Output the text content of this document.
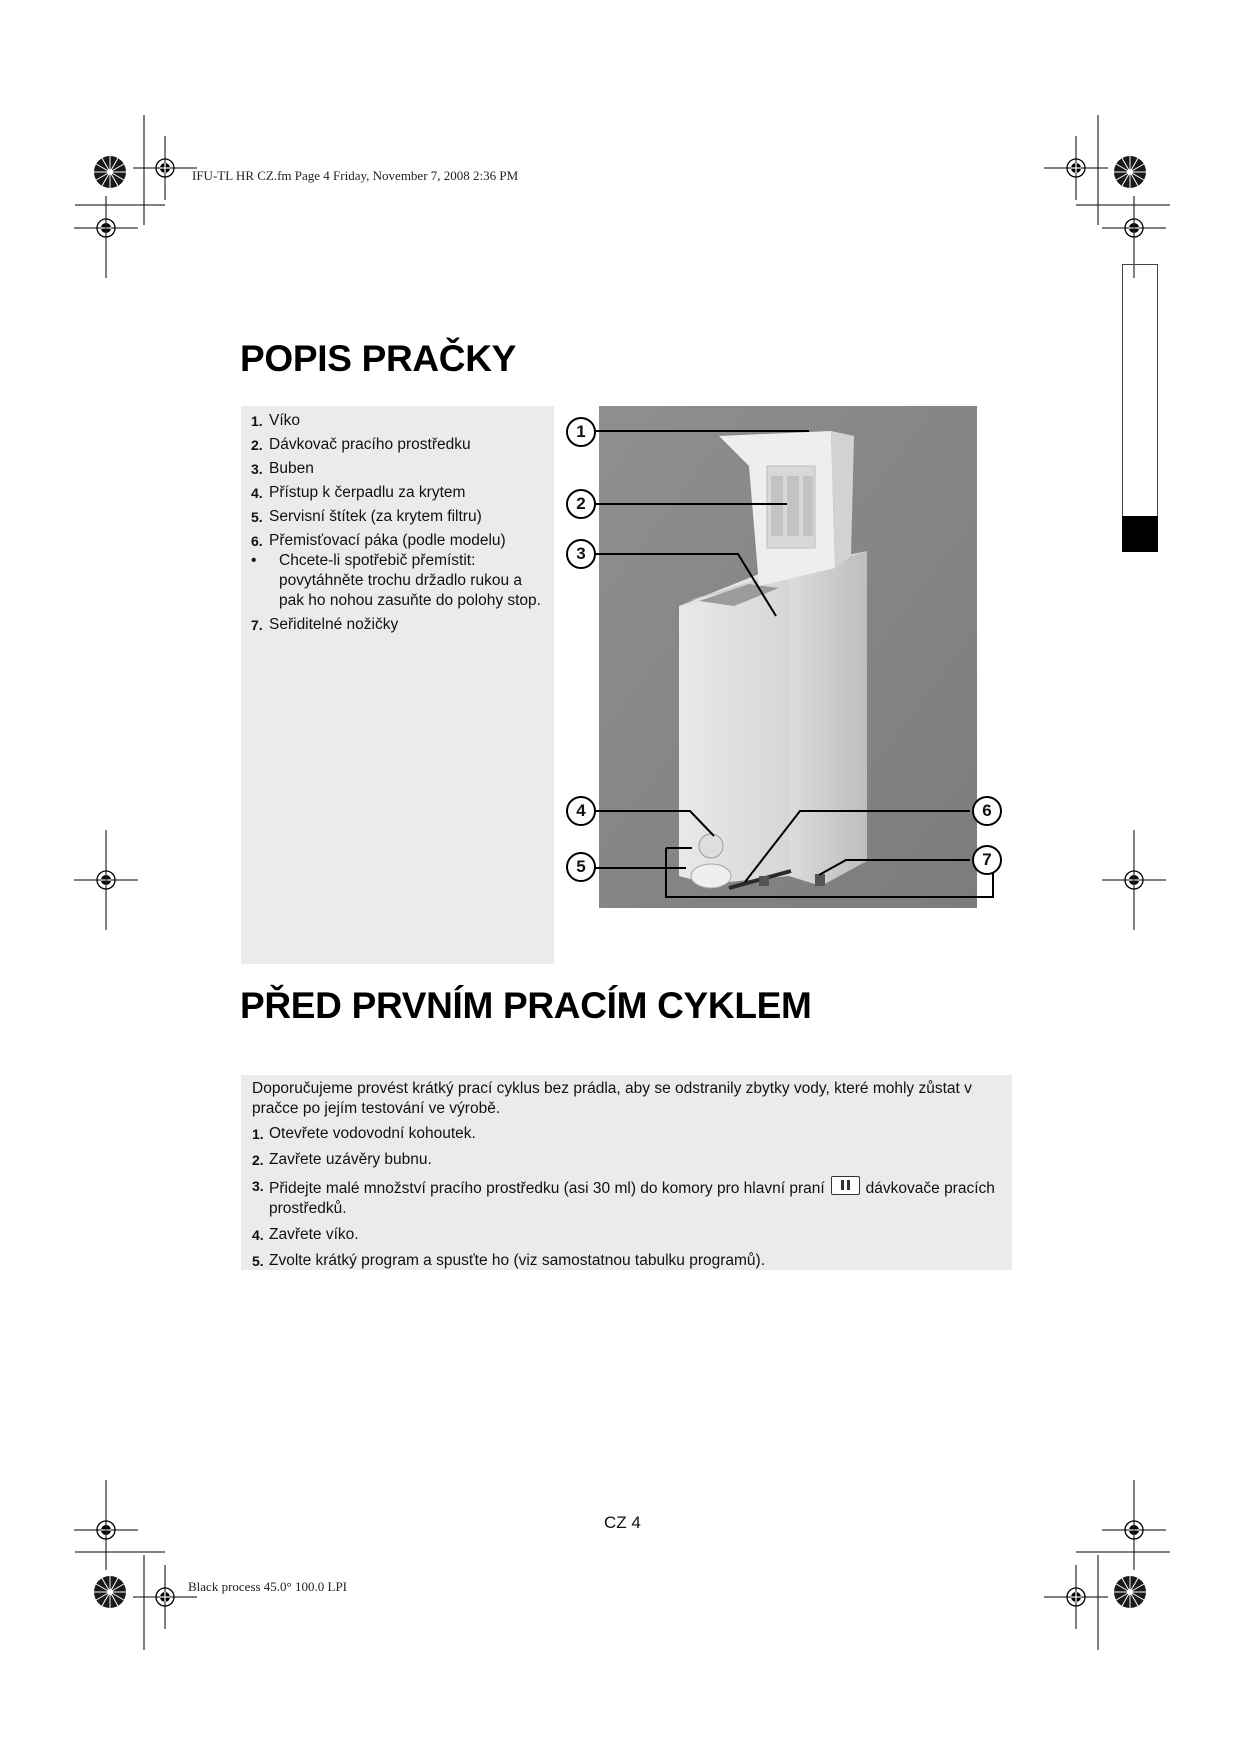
IFU-TL HR CZ.fm Page 4 Friday, November 7, 2008 2:36 PM
Black process 45.0° 100.0 LPI
POPIS PRAČKY
1. Víko
2. Dávkovač pracího prostředku
3. Buben
4. Přístup k čerpadlu za krytem
5. Servisní štítek (za krytem filtru)
6. Přemisťovací páka (podle modelu)
• Chcete-li spotřebič přemístit: povytáhněte trochu držadlo rukou a pak ho nohou zasuňte do polohy stop.
7. Seřiditelné nožičky
1
2
3
4
5
6
7
PŘED PRVNÍM PRACÍM CYKLEM
Doporučujeme provést krátký prací cyklus bez prádla, aby se odstranily zbytky vody, které mohly zůstat v pračce po jejím testování ve výrobě.
1. Otevřete vodovodní kohoutek.
2. Zavřete uzávěry bubnu.
3. Přidejte malé množství pracího prostředku (asi 30 ml) do komory pro hlavní praní	dávkovače pracích prostředků.
4. Zavřete víko.
5. Zvolte krátký program a spusťte ho (viz samostatnou tabulku programů).
CZ 4
